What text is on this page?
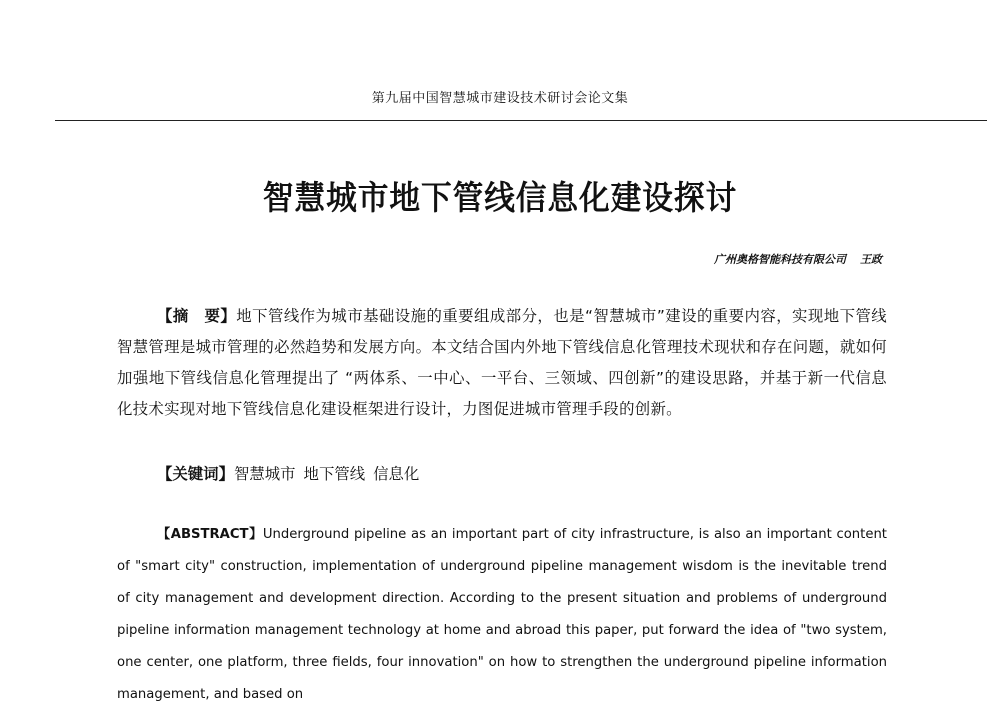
第九届中国智慧城市建设技术研讨会论文集
智慧城市地下管线信息化建设探讨
广州奥格智能科技有限公司 王政

【摘　要】地下管线作为城市基础设施的重要组成部分，也是“智慧城市”建设的重要内容，实现地下管线智慧管理是城市管理的必然趋势和发展方向。本文结合国内外地下管线信息化管理技术现状和存在问题，就如何加强地下管线信息化管理提出了 “两体系、一中心、一平台、三领域、四创新”的建设思路，并基于新一代信息化技术实现对地下管线信息化建设框架进行设计，力图促进城市管理手段的创新。

【关键词】智慧城市 地下管线 信息化

【ABSTRACT】Underground pipeline as an important part of city infrastructure, is also an important content of "smart city" construction, implementation of underground pipeline management wisdom is the inevitable trend of city management and development direction. According to the present situation and problems of underground pipeline information management technology at home and abroad this paper, put forward the idea of "two system, one center, one platform, three fields, four innovation" on how to strengthen the underground pipeline information management, and based on
